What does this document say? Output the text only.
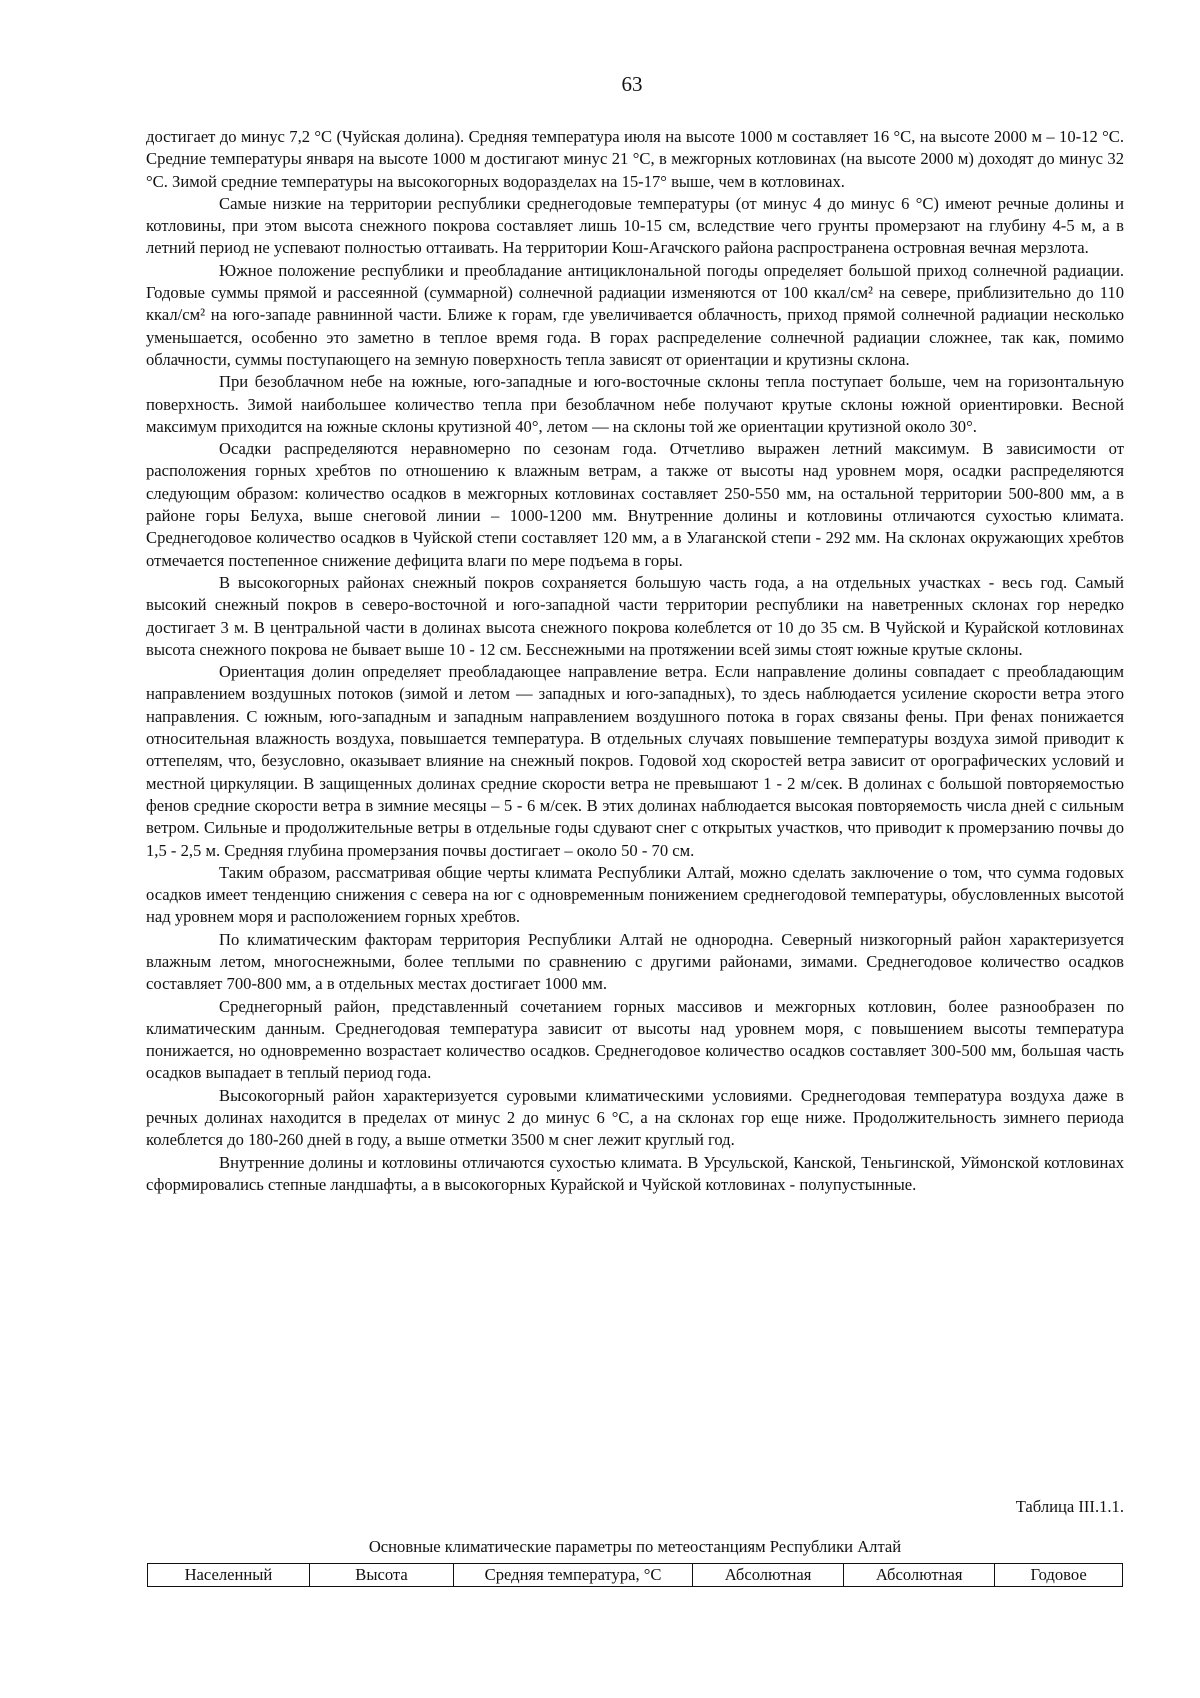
63

достигает до минус 7,2 °С (Чуйская долина). Средняя температура июля на высоте 1000 м составляет 16 °С, на высоте 2000 м – 10-12 °С. Средние температуры января на высоте 1000 м достигают минус 21 °С, в межгорных котловинах (на высоте 2000 м) доходят до минус 32 °С. Зимой средние температуры на высокогорных водоразделах на 15-17° выше, чем в котловинах.

Самые низкие на территории республики среднегодовые температуры (от минус 4 до минус 6 °С) имеют речные долины и котловины, при этом высота снежного покрова составляет лишь 10-15 см, вследствие чего грунты промерзают на глубину 4-5 м, а в летний период не успевают полностью оттаивать. На территории Кош-Агачского района распространена островная вечная мерзлота.

Южное положение республики и преобладание антициклональной погоды определяет большой приход солнечной радиации. Годовые суммы прямой и рассеянной (суммарной) солнечной радиации изменяются от 100 ккал/см² на севере, приблизительно до 110 ккал/см² на юго-западе равнинной части. Ближе к горам, где увеличивается облачность, приход прямой солнечной радиации несколько уменьшается, особенно это заметно в теплое время года. В горах распределение солнечной радиации сложнее, так как, помимо облачности, суммы поступающего на земную поверхность тепла зависят от ориентации и крутизны склона.

При безоблачном небе на южные, юго-западные и юго-восточные склоны тепла поступает больше, чем на горизонтальную поверхность. Зимой наибольшее количество тепла при безоблачном небе получают крутые склоны южной ориентировки. Весной максимум приходится на южные склоны крутизной 40°, летом — на склоны той же ориентации крутизной около 30°.

Осадки распределяются неравномерно по сезонам года. Отчетливо выражен летний максимум. В зависимости от расположения горных хребтов по отношению к влажным ветрам, а также от высоты над уровнем моря, осадки распределяются следующим образом: количество осадков в межгорных котловинах составляет 250-550 мм, на остальной территории 500-800 мм, а в районе горы Белуха, выше снеговой линии – 1000-1200 мм. Внутренние долины и котловины отличаются сухостью климата. Среднегодовое количество осадков в Чуйской степи составляет 120 мм, а в Улаганской степи - 292 мм. На склонах окружающих хребтов отмечается постепенное снижение дефицита влаги по мере подъема в горы.

В высокогорных районах снежный покров сохраняется большую часть года, а на отдельных участках - весь год. Самый высокий снежный покров в северо-восточной и юго-западной части территории республики на наветренных склонах гор нередко достигает 3 м. В центральной части в долинах высота снежного покрова колеблется от 10 до 35 см. В Чуйской и Курайской котловинах высота снежного покрова не бывает выше 10 - 12 см. Бесснежными на протяжении всей зимы стоят южные крутые склоны.

Ориентация долин определяет преобладающее направление ветра. Если направление долины совпадает с преобладающим направлением воздушных потоков (зимой и летом — западных и юго-западных), то здесь наблюдается усиление скорости ветра этого направления. С южным, юго-западным и западным направлением воздушного потока в горах связаны фены. При фенах понижается относительная влажность воздуха, повышается температура. В отдельных случаях повышение температуры воздуха зимой приводит к оттепелям, что, безусловно, оказывает влияние на снежный покров. Годовой ход скоростей ветра зависит от орографических условий и местной циркуляции. В защищенных долинах средние скорости ветра не превышают 1 - 2 м/сек. В долинах с большой повторяемостью фенов средние скорости ветра в зимние месяцы – 5 - 6 м/сек. В этих долинах наблюдается высокая повторяемость числа дней с сильным ветром. Сильные и продолжительные ветры в отдельные годы сдувают снег с открытых участков, что приводит к промерзанию почвы до 1,5 - 2,5 м. Средняя глубина промерзания почвы достигает – около 50 - 70 см.

Таким образом, рассматривая общие черты климата Республики Алтай, можно сделать заключение о том, что сумма годовых осадков имеет тенденцию снижения с севера на юг с одновременным понижением среднегодовой температуры, обусловленных высотой над уровнем моря и расположением горных хребтов.

По климатическим факторам территория Республики Алтай не однородна. Северный низкогорный район характеризуется влажным летом, многоснежными, более теплыми по сравнению с другими районами, зимами. Среднегодовое количество осадков составляет 700-800 мм, а в отдельных местах достигает 1000 мм.

Среднегорный район, представленный сочетанием горных массивов и межгорных котловин, более разнообразен по климатическим данным. Среднегодовая температура зависит от высоты над уровнем моря, с повышением высоты температура понижается, но одновременно возрастает количество осадков. Среднегодовое количество осадков составляет 300-500 мм, большая часть осадков выпадает в теплый период года.

Высокогорный район характеризуется суровыми климатическими условиями. Среднегодовая температура воздуха даже в речных долинах находится в пределах от минус 2 до минус 6 °С, а на склонах гор еще ниже. Продолжительность зимнего периода колеблется до 180-260 дней в году, а выше отметки 3500 м снег лежит круглый год.

Внутренние долины и котловины отличаются сухостью климата. В Урсульской, Канской, Теньгинской, Уймонской котловинах сформировались степные ландшафты, а в высокогорных Курайской и Чуйской котловинах - полупустынные.

Таблица III.1.1.
Основные климатические параметры по метеостанциям Республики Алтай
Населенный	Высота	Средняя температура, °С	Абсолютная	Абсолютная	Годовое
